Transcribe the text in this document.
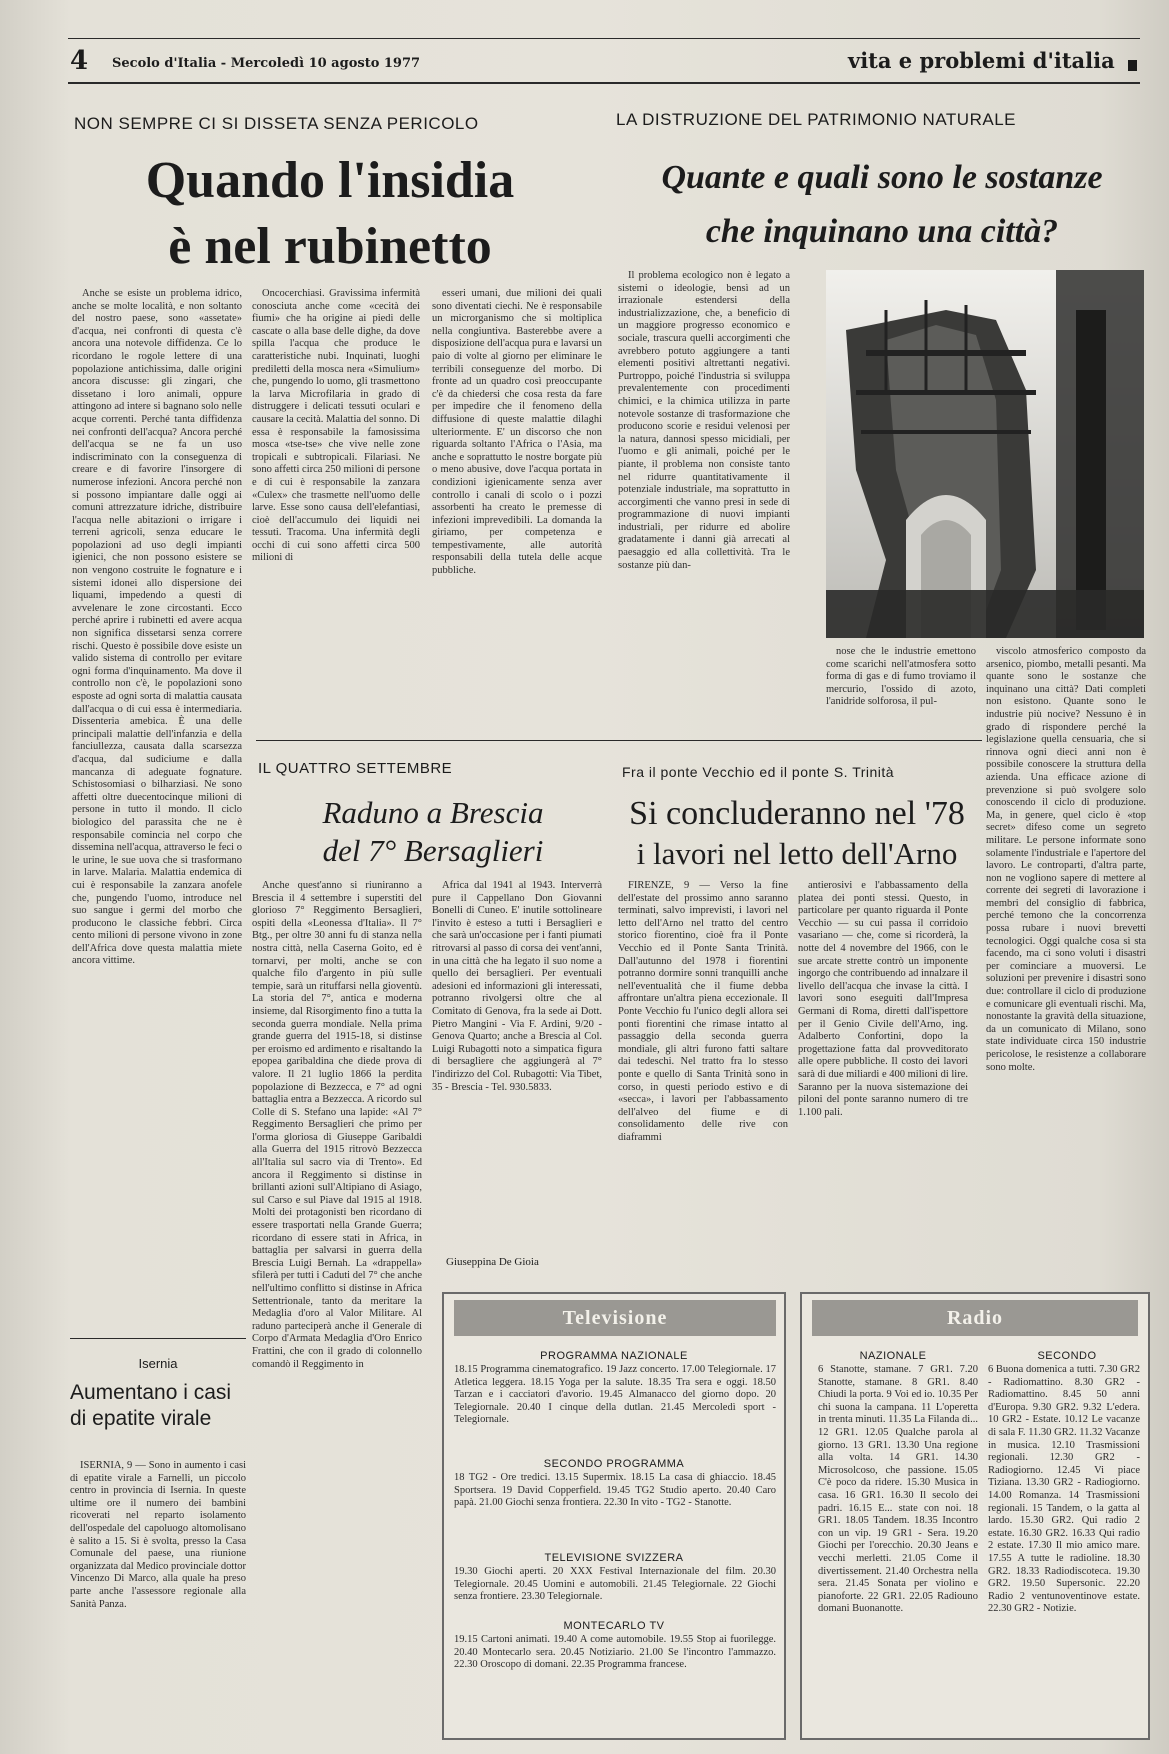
4 Secolo d'Italia - Mercoledì 10 agosto 1977	vita e problemi d'italia
NON SEMPRE CI SI DISSETA SENZA PERICOLO
Quando l'insidia
è nel rubinetto

Anche se esiste un problema idrico, anche se molte località, e non soltanto del nostro paese, sono «assetate» d'acqua, nei confronti di questa c'è ancora una notevole diffidenza. Ce lo ricordano le rogole lettere di una popolazione antichissima, dalle origini ancora discusse: gli zingari, che dissetano i loro animali, oppure attingono ad intere si bagnano solo nelle acque correnti. Perché tanta diffidenza nei confronti dell'acqua? Ancora perché dell'acqua se ne fa un uso indiscriminato con la conseguenza di creare e di favorire l'insorgere di numerose infezioni. Ancora perché non si possono impiantare dalle oggi ai comuni attrezzature idriche, distribuire l'acqua nelle abitazioni o irrigare i terreni agricoli, senza educare le popolazioni ad uso degli impianti igienici, che non possono esistere se non vengono costruite le fognature e i sistemi idonei allo dispersione dei liquami, impedendo a questi di avvelenare le zone circostanti. Ecco perché aprire i rubinetti ed avere acqua non significa dissetarsi senza correre rischi. Questo è possibile dove esiste un valido sistema di controllo per evitare ogni forma d'inquinamento. Ma dove il controllo non c'è, le popolazioni sono esposte ad ogni sorta di malattia causata dall'acqua o di cui essa è intermediaria. Dissenteria amebica. È una delle principali malattie dell'infanzia e della fanciullezza, causata dalla scarsezza d'acqua, dal sudiciume e dalla mancanza di adeguate fognature. Schistosomiasi o bilharziasi. Ne sono affetti oltre duecentocinque milioni di persone in tutto il mondo. Il ciclo biologico del parassita che ne è responsabile comincia nel corpo che dissemina nell'acqua, attraverso le feci o le urine, le sue uova che si trasformano in larve. Malaria. Malattia endemica di cui è responsabile la zanzara anofele che, pungendo l'uomo, introduce nel suo sangue i germi del morbo che producono le classiche febbri. Circa cento milioni di persone vivono in zone dell'Africa dove questa malattia miete ancora vittime.

Oncocerchiasi. Gravissima infermità conosciuta anche come «cecità dei fiumi» che ha origine ai piedi delle cascate o alla base delle dighe, da dove spilla l'acqua che produce le caratteristiche nubi. Inquinati, luoghi prediletti della mosca nera «Simulium» che, pungendo lo uomo, gli trasmettono la larva Microfilaria in grado di distruggere i delicati tessuti oculari e causare la cecità. Malattia del sonno. Di essa è responsabile la famosissima mosca «tse-tse» che vive nelle zone tropicali e subtropicali. Filariasi. Ne sono affetti circa 250 milioni di persone e di cui è responsabile la zanzara «Culex» che trasmette nell'uomo delle larve. Esse sono causa dell'elefantiasi, cioè dell'accumulo dei liquidi nei tessuti. Tracoma. Una infermità degli occhi di cui sono affetti circa 500 milioni di

esseri umani, due milioni dei quali sono diventati ciechi. Ne è responsabile un microrganismo che si moltiplica nella congiuntiva. Basterebbe avere a disposizione dell'acqua pura e lavarsi un paio di volte al giorno per eliminare le terribili conseguenze del morbo. Di fronte ad un quadro così preoccupante c'è da chiedersi che cosa resta da fare per impedire che il fenomeno della diffusione di queste malattie dilaghi ulteriormente. E' un discorso che non riguarda soltanto l'Africa o l'Asia, ma anche e soprattutto le nostre borgate più o meno abusive, dove l'acqua portata in condizioni igienicamente senza aver controllo i canali di scolo o i pozzi assorbenti ha creato le premesse di infezioni imprevedibili. La domanda la giriamo, per competenza e tempestivamente, alle autorità responsabili della tutela delle acque pubbliche.

LA DISTRUZIONE DEL PATRIMONIO NATURALE
Quante e quali sono le sostanze
che inquinano una città?

Il problema ecologico non è legato a sistemi o ideologie, bensì ad un irrazionale estendersi della industrializzazione, che, a beneficio di un maggiore progresso economico e sociale, trascura quelli accorgimenti che avrebbero potuto aggiungere a tanti elementi positivi altrettanti negativi. Purtroppo, poiché l'industria si sviluppa prevalentemente con procedimenti chimici, e la chimica utilizza in parte notevole sostanze di trasformazione che producono scorie e residui velenosi per la natura, dannosi spesso micidiali, per l'uomo e gli animali, poiché per le piante, il problema non consiste tanto nel ridurre quantitativamente il potenziale industriale, ma soprattutto in accorgimenti che vanno presi in sede di programmazione di nuovi impianti industriali, per ridurre ed abolire gradatamente i danni già arrecati al paesaggio ed alla collettività. Tra le sostanze più dan-

nose che le industrie emettono come scarichi nell'atmosfera sotto forma di gas e di fumo troviamo il mercurio, l'ossido di azoto, l'anidride solforosa, il pul-

viscolo atmosferico composto da arsenico, piombo, metalli pesanti. Ma quante sono le sostanze che inquinano una città? Dati completi non esistono. Quante sono le industrie più nocive? Nessuno è in grado di rispondere perché la legislazione quella censuaria, che si rinnova ogni dieci anni non è possibile conoscere la struttura della azienda. Una efficace azione di prevenzione si può svolgere solo conoscendo il ciclo di produzione. Ma, in genere, quel ciclo è «top secret» difeso come un segreto militare. Le persone informate sono solamente l'industriale e l'apertore del lavoro. Le controparti, d'altra parte, non ne vogliono sapere di mettere al corrente dei segreti di lavorazione i membri del consiglio di fabbrica, perché temono che la concorrenza possa rubare i nuovi brevetti tecnologici. Oggi qualche cosa si sta facendo, ma ci sono voluti i disastri per cominciare a muoversi. Le soluzioni per prevenire i disastri sono due: controllare il ciclo di produzione e comunicare gli eventuali rischi. Ma, nonostante la gravità della situazione, da un comunicato di Milano, sono state individuate circa 150 industrie pericolose, le resistenze a collaborare sono molte.

IL QUATTRO SETTEMBRE
Raduno a Brescia
del 7° Bersaglieri

Anche quest'anno si riuniranno a Brescia il 4 settembre i superstiti del glorioso 7° Reggimento Bersaglieri, ospiti della «Leonessa d'Italia». Il 7° Btg., per oltre 30 anni fu di stanza nella nostra città, nella Caserna Goito, ed è tornarvi, per molti, anche se con qualche filo d'argento in più sulle tempie, sarà un rituffarsi nella gioventù. La storia del 7°, antica e moderna insieme, dal Risorgimento fino a tutta la seconda guerra mondiale. Nella prima grande guerra del 1915-18, si distinse per eroismo ed ardimento e risaltando la epopea garibaldina che diede prova di valore. Il 21 luglio 1866 la perdita popolazione di Bezzecca, e 7° ad ogni battaglia entra a Bezzecca. A ricordo sul Colle di S. Stefano una lapide: «Al 7° Reggimento Bersaglieri che primo per l'orma gloriosa di Giuseppe Garibaldi alla Guerra del 1915 ritrovò Bezzecca all'Italia sul sacro via di Trento». Ed ancora il Reggimento si distinse in brillanti azioni sull'Altipiano di Asiago, sul Carso e sul Piave dal 1915 al 1918. Molti dei protagonisti ben ricordano di essere trasportati nella Grande Guerra; ricordano di essere stati in Africa, in battaglia per salvarsi in guerra della Brescia Luigi Bernah. La «drappella» sfilerà per tutti i Caduti del 7° che anche nell'ultimo conflitto si distinse in Africa Settentrionale, tanto da meritare la Medaglia d'oro al Valor Militare. Al raduno parteciperà anche il Generale di Corpo d'Armata Medaglia d'Oro Enrico Frattini, che con il grado di colonnello comandò il Reggimento in

Africa dal 1941 al 1943. Interverrà pure il Cappellano Don Giovanni Bonelli di Cuneo. E' inutile sottolineare l'invito è esteso a tutti i Bersaglieri e che sarà un'occasione per i fanti piumati ritrovarsi al passo di corsa dei vent'anni, in una città che ha legato il suo nome a quello dei bersaglieri. Per eventuali adesioni ed informazioni gli interessati, potranno rivolgersi oltre che al Comitato di Genova, fra la sede ai Dott. Pietro Mangini - Via F. Ardini, 9/20 - Genova Quarto; anche a Brescia al Col. Luigi Rubagotti noto a simpatica figura di bersagliere che aggiungerà al 7° l'indirizzo del Col. Rubagotti: Via Tibet, 35 - Brescia - Tel. 930.5833.

Giuseppina De Gioia
Fra il ponte Vecchio ed il ponte S. Trinità
Si concluderanno nel '78
i lavori nel letto dell'Arno

FIRENZE, 9 — Verso la fine dell'estate del prossimo anno saranno terminati, salvo imprevisti, i lavori nel letto dell'Arno nel tratto del centro storico fiorentino, cioè fra il Ponte Vecchio ed il Ponte Santa Trinità. Dall'autunno del 1978 i fiorentini potranno dormire sonni tranquilli anche nell'eventualità che il fiume debba affrontare un'altra piena eccezionale. Il Ponte Vecchio fu l'unico degli allora sei ponti fiorentini che rimase intatto al passaggio della seconda guerra mondiale, gli altri furono fatti saltare dai tedeschi. Nel tratto fra lo stesso ponte e quello di Santa Trinità sono in corso, in questi periodo estivo e di «secca», i lavori per l'abbassamento dell'alveo del fiume e di consolidamento delle rive con diaframmi

antierosivi e l'abbassamento della platea dei ponti stessi. Questo, in particolare per quanto riguarda il Ponte Vecchio — su cui passa il corridoio vasariano — che, come si ricorderà, la notte del 4 novembre del 1966, con le sue arcate strette contrò un imponente ingorgo che contribuendo ad innalzare il livello dell'acqua che invase la città. I lavori sono eseguiti dall'Impresa Germani di Roma, diretti dall'ispettore per il Genio Civile dell'Arno, ing. Adalberto Confortini, dopo la progettazione fatta dal provveditorato alle opere pubbliche. Il costo dei lavori sarà di due miliardi e 400 milioni di lire. Saranno per la nuova sistemazione dei piloni del ponte saranno numero di tre 1.100 pali.

Isernia
Aumentano i casi di epatite virale

ISERNIA, 9 — Sono in aumento i casi di epatite virale a Farnelli, un piccolo centro in provincia di Isernia. In queste ultime ore il numero dei bambini ricoverati nel reparto isolamento dell'ospedale del capoluogo altomolisano è salito a 15. Si è svolta, presso la Casa Comunale del paese, una riunione organizzata dal Medico provinciale dottor Vincenzo Di Marco, alla quale ha preso parte anche l'assessore regionale alla Sanità Panza.

Televisione
PROGRAMMA NAZIONALE
18.15 Programma cinematografico. 19 Jazz concerto. 17.00 Telegiornale. 17 Atletica leggera. 18.15 Yoga per la salute. 18.35 Tra sera e oggi. 18.50 Tarzan e i cacciatori d'avorio. 19.45 Almanacco del giorno dopo. 20 Telegiornale. 20.40 I cinque della dutlan. 21.45 Mercoledì sport - Telegiornale.
SECONDO PROGRAMMA
18 TG2 - Ore tredici. 13.15 Supermix. 18.15 La casa di ghiaccio. 18.45 Sportsera. 19 David Copperfield. 19.45 TG2 Studio aperto. 20.40 Caro papà. 21.00 Giochi senza frontiera. 22.30 In vito - TG2 - Stanotte.
TELEVISIONE SVIZZERA
19.30 Giochi aperti. 20 XXX Festival Internazionale del film. 20.30 Telegiornale. 20.45 Uomini e automobili. 21.45 Telegiornale. 22 Giochi senza frontiere. 23.30 Telegiornale.
MONTECARLO TV
19.15 Cartoni animati. 19.40 A come automobile. 19.55 Stop ai fuorilegge. 20.40 Montecarlo sera. 20.45 Notiziario. 21.00 Se l'incontro l'ammazzo. 22.30 Oroscopo di domani. 22.35 Programma francese.
Radio
NAZIONALE
6 Stanotte, stamane. 7 GR1. 7.20 Stanotte, stamane. 8 GR1. 8.40 Chiudi la porta. 9 Voi ed io. 10.35 Per chi suona la campana. 11 L'operetta in trenta minuti. 11.35 La Filanda di... 12 GR1. 12.05 Qualche parola al giorno. 13 GR1. 13.30 Una regione alla volta. 14 GR1. 14.30 Microsolcoso, che passione. 15.05 C'è poco da ridere. 15.30 Musica in casa. 16 GR1. 16.30 Il secolo dei padri. 16.15 E... state con noi. 18 GR1. 18.05 Tandem. 18.35 Incontro con un vip. 19 GR1 - Sera. 19.20 Giochi per l'orecchio. 20.30 Jeans e vecchi merletti. 21.05 Come il divertissement. 21.40 Orchestra nella sera. 21.45 Sonata per violino e pianoforte. 22 GR1. 22.05 Radiouno domani Buonanotte.
SECONDO
6 Buona domenica a tutti. 7.30 GR2 - Radiomattino. 8.30 GR2 - Radiomattino. 8.45 50 anni d'Europa. 9.30 GR2. 9.32 L'edera. 10 GR2 - Estate. 10.12 Le vacanze di sala F. 11.30 GR2. 11.32 Vacanze in musica. 12.10 Trasmissioni regionali. 12.30 GR2 - Radiogiorno. 12.45 Vi piace Tiziana. 13.30 GR2 - Radiogiorno. 14.00 Romanza. 14 Trasmissioni regionali. 15 Tandem, o la gatta al lardo. 15.30 GR2. Qui radio 2 estate. 16.30 GR2. 16.33 Qui radio 2 estate. 17.30 Il mio amico mare. 17.55 A tutte le radioline. 18.30 GR2. 18.33 Radiodiscoteca. 19.30 GR2. 19.50 Supersonic. 22.20 Radio 2 ventunoventinove estate. 22.30 GR2 - Notizie.
